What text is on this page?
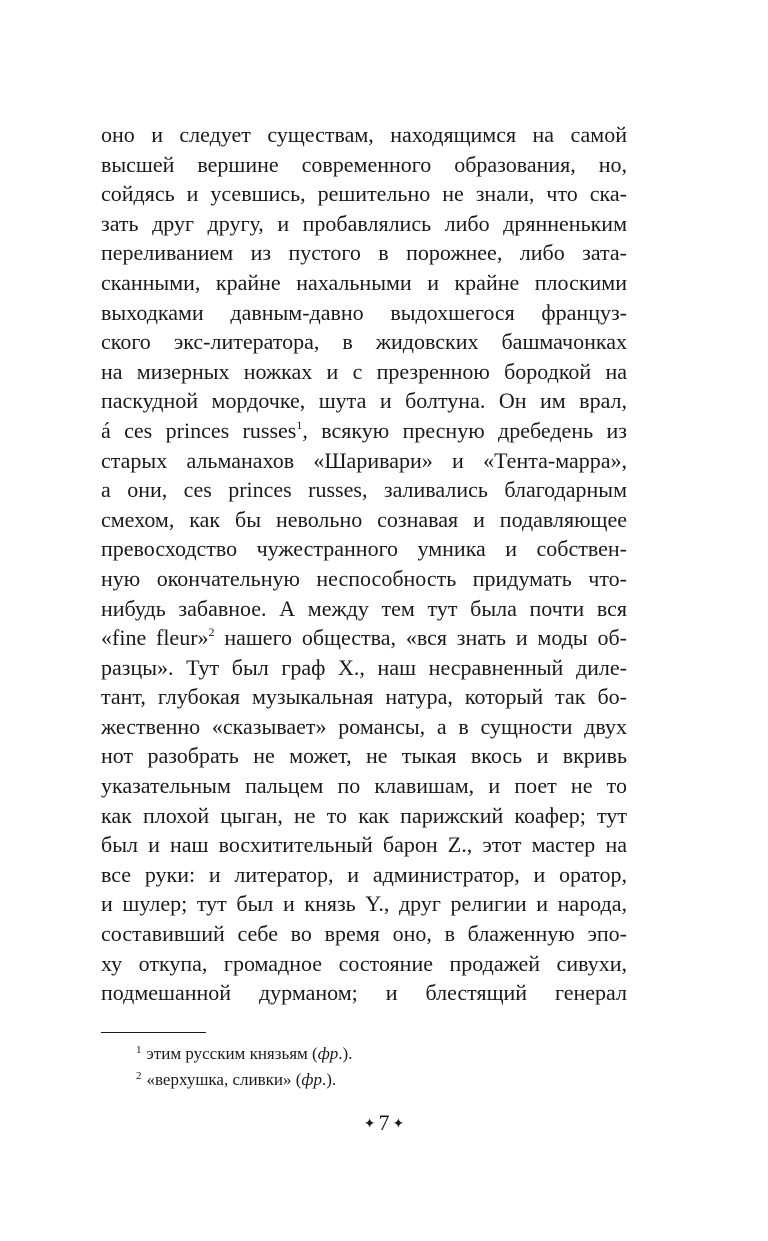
оно и следует существам, находящимся на самой
высшей вершине современного образования, но,
сойдясь и усевшись, решительно не знали, что ска-
зать друг другу, и пробавлялись либо дрянненьким
переливанием из пустого в порожнее, либо зата-
сканными, крайне нахальными и крайне плоскими
выходками давным-давно выдохшегося француз-
ского экс-литератора, в жидовских башмачонках
на мизерных ножках и с презренною бородкой на
паскудной мордочке, шута и болтуна. Он им врал,
á ces princes russes$^1$, всякую пресную дребедень из
старых альманахов «Шаривари» и «Тента-марра»,
а они, ces princes russes, заливались благодарным
смехом, как бы невольно сознавая и подавляющее
превосходство чужестранного умника и собствен-
ную окончательную неспособность придумать что-
нибудь забавное. А между тем тут была почти вся
«fine fleur»$^2$ нашего общества, «вся знать и моды об-
разцы». Тут был граф X., наш несравненный диле-
тант, глубокая музыкальная натура, который так бо-
жественно «сказывает» романсы, а в сущности двух
нот разобрать не может, не тыкая вкось и вкривь
указательным пальцем по клавишам, и поет не то
как плохой цыган, не то как парижский коафер; тут
был и наш восхитительный барон Z., этот мастер на
все руки: и литератор, и администратор, и оратор,
и шулер; тут был и князь Y., друг религии и народа,
составивший себе во время оно, в блаженную эпо-
ху откупа, громадное состояние продажей сивухи,
подмешанной дурманом; и блестящий генерал
$^1$ этим русским князьям (фр.).
$^2$ «верхушка, сливки» (фр.).
✦ 7 ✦
